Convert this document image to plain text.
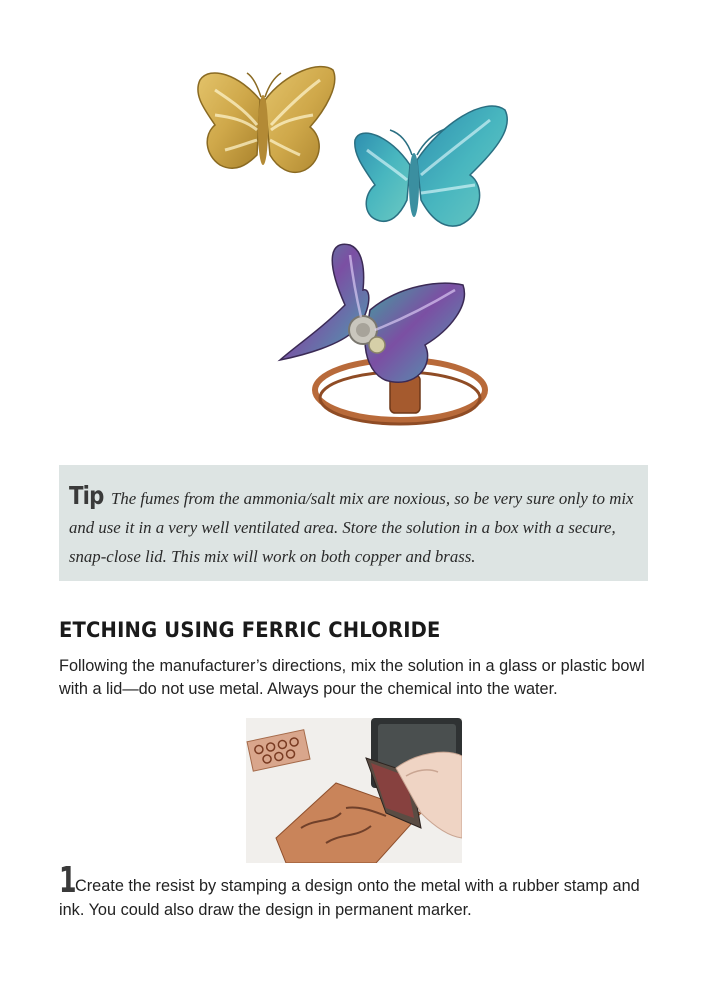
Tip The fumes from the ammonia/salt mix are noxious, so be very sure only to mix and use it in a very well ventilated area. Store the solution in a box with a secure, snap-close lid. This mix will work on both copper and brass.

ETCHING USING FERRIC CHLORIDE

Following the manufacturer’s directions, mix the solution in a glass or plastic bowl with a lid—do not use metal. Always pour the chemical into the water.

1Create the resist by stamping a design onto the metal with a rubber stamp and ink. You could also draw the design in permanent marker.
